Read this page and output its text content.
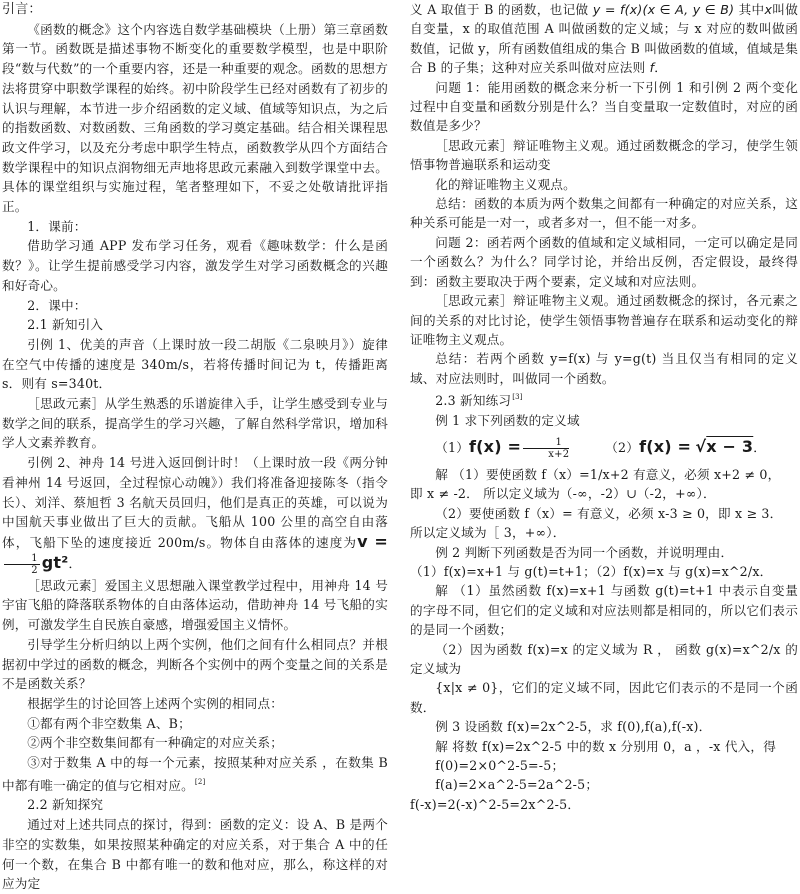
引言：

《函数的概念》这个内容选自数学基础模块（上册）第三章函数第一节。函数既是描述事物不断变化的重要数学模型，也是中职阶段“数与代数”的一个重要内容，还是一种重要的观念。函数的思想方法将贯穿中职数学课程的始终。初中阶段学生已经对函数有了初步的认识与理解，本节进一步介绍函数的定义域、值域等知识点，为之后的指数函数、对数函数、三角函数的学习奠定基础。结合相关课程思政文件学习，以及充分考虑中职学生特点，函数教学从四个方面结合数学课程中的知识点润物细无声地将思政元素融入到数学课堂中去。具体的课堂组织与实施过程，笔者整理如下，不妥之处敬请批评指正。

1．课前：

借助学习通 APP 发布学习任务，观看《趣味数学：什么是函数？》。让学生提前感受学习内容，激发学生对学习函数概念的兴趣和好奇心。

2．课中：

2.1 新知引入

引例 1、优美的声音（上课时放一段二胡版《二泉映月》）旋律在空气中传播的速度是 340m/s，若将传播时间记为 t，传播距离 s．则有 s=340t．

［思政元素］从学生熟悉的乐谱旋律入手，让学生感受到专业与数学之间的联系，提高学生的学习兴趣，了解自然科学常识，增加科学人文素养教育。

引例 2、神舟 14 号进入返回倒计时！（上课时放一段《两分钟看神州 14 号返回，全过程惊心动魄》）我们将准备迎接陈冬（指令长）、刘洋、蔡旭哲 3 名航天员回归，他们是真正的英雄，可以说为中国航天事业做出了巨大的贡献。飞船从 100 公里的高空自由落体，飞船下坠的速度接近 200m/s。物体自由落体的速度为v =
$\frac{1}{2} gt^2$．

［思政元素］爱国主义思想融入课堂教学过程中，用神舟 14 号宇宙飞船的降落联系物体的自由落体运动，借助神舟 14 号飞船的实例，可激发学生自民族自豪感，增强爱国主义情怀。

引导学生分析归纳以上两个实例，他们之间有什么相同点？并根据初中学过的函数的概念，判断各个实例中的两个变量之间的关系是不是函数关系？

根据学生的讨论回答上述两个实例的相同点：

①都有两个非空数集 A、B；

②两个非空数集间都有一种确定的对应关系；

③对于数集 A 中的每一个元素，按照某种对应关系 ，在数集 B 中都有唯一确定的值与它相对应。[2]

2.2 新知探究

通过对上述共同点的探讨，得到：函数的定义：设 A、B 是两个非空的实数集，如果按照某种确定的对应关系，对于集合 A 中的任何一个数，在集合 B 中都有唯一的数和他对应，那么，称这样的对应为定

义 A 取值于 B 的函数，也记做 y = f(x)(x ∈ A, y ∈ B) 其中x叫做自变量，x 的取值范围 A 叫做函数的定义域；与 x 对应的数叫做函数值，记做 y，所有函数值组成的集合 B 叫做函数的值域，值域是集合 B 的子集；这种对应关系叫做对应法则 f．

问题 1：能用函数的概念来分析一下引例 1 和引例 2 两个变化过程中自变量和函数分别是什么？当自变量取一定数值时，对应的函数值是多少？

［思政元素］辩证唯物主义观。通过函数概念的学习，使学生领悟事物普遍联系和运动变

化的辩证唯物主义观点。

总结：函数的本质为两个数集之间都有一种确定的对应关系，这种关系可能是一对一，或者多对一，但不能一对多。

问题 2：函若两个函数的值域和定义域相同，一定可以确定是同一个函数么？为什么？同学讨论，并给出反例，否定假设，最终得到：函数主要取决于两个要素，定义域和对应法则。

［思政元素］辩证唯物主义观。通过函数概念的探讨，各元素之间的关系的对比讨论，使学生领悟事物普遍存在联系和运动变化的辩证唯物主义观点。

总结：若两个函数 y=f(x) 与 y=g(t) 当且仅当有相同的定义域、对应法则时，叫做同一个函数。

2.3 新知练习[3]

例 1 求下列函数的定义域

$(1)f(x) = \frac{1}{x+2}$	（2）f(x) = √x − 3．

解 （1）要使函数 f（x）=1/x+2 有意义，必须 x+2 ≠ 0，

即 x ≠ -2． 所以定义域为（-∞，-2）∪（-2，+∞）．

（2）要使函数 f（x）= 有意义，必须 x-3 ≥ 0，即 x ≥ 3．

所以定义域为［ 3，+∞）．

例 2 判断下列函数是否为同一个函数，并说明理由．

（1）f(x)=x+1 与 g(t)=t+1；（2）f(x)=x 与 g(x)=x^2/x．

解 （1）虽然函数 f(x)=x+1 与函数 g(t)=t+1 中表示自变量的字母不同，但它们的定义域和对应法则都是相同的，所以它们表示的是同一个函数；

（2）因为函数 f(x)=x 的定义域为 R ， 函数 g(x)=x^2/x 的定义域为

{x|x ≠ 0}，它们的定义域不同，因此它们表示的不是同一个函数．

例 3 设函数 f(x)=2x^2-5，求 f(0),f(a),f(-x)．

解 将数 f(x)=2x^2-5 中的数 x 分别用 0，a ，-x 代入，得

f(0)=2×0^2-5=-5；

f(a)=2×a^2-5=2a^2-5；

f(-x)=2(-x)^2-5=2x^2-5．
